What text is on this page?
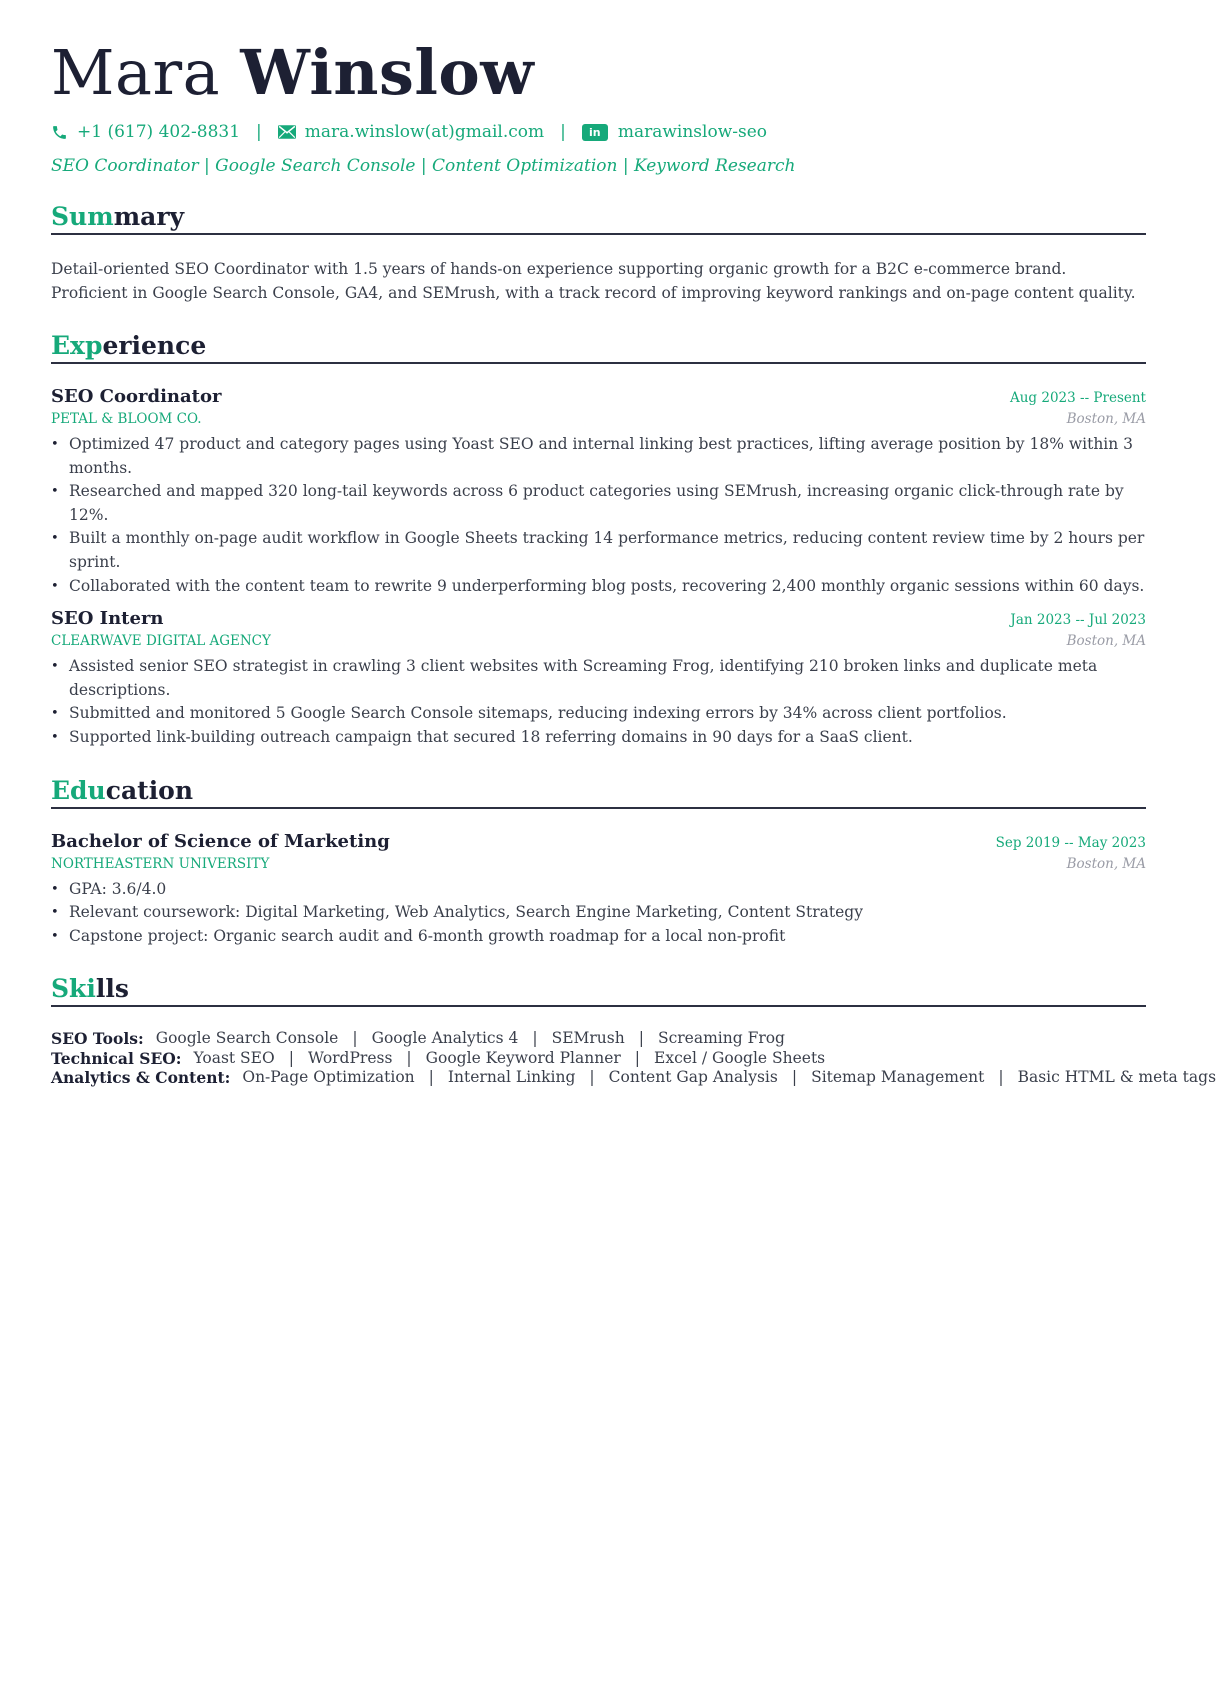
Mara Winslow
+1 (617) 402-8831 |	mara.winslow(at)gmail.com |	in	marawinslow-seo
SEO Coordinator | Google Search Console | Content Optimization | Keyword Research
Summary
Detail-oriented SEO Coordinator with 1.5 years of hands-on experience supporting organic growth for a B2C e-commerce brand. Proficient in Google Search Console, GA4, and SEMrush, with a track record of improving keyword rankings and on-page content quality.
Experience
SEO Coordinator	Aug 2023 -- Present
PETAL & BLOOM CO.	Boston, MA
• Optimized 47 product and category pages using Yoast SEO and internal linking best practices, lifting average position by 18% within 3 months.
• Researched and mapped 320 long-tail keywords across 6 product categories using SEMrush, increasing organic click-through rate by 12%.
• Built a monthly on-page audit workflow in Google Sheets tracking 14 performance metrics, reducing content review time by 2 hours per sprint.
• Collaborated with the content team to rewrite 9 underperforming blog posts, recovering 2,400 monthly organic sessions within 60 days.
SEO Intern	Jan 2023 -- Jul 2023
CLEARWAVE DIGITAL AGENCY	Boston, MA
• Assisted senior SEO strategist in crawling 3 client websites with Screaming Frog, identifying 210 broken links and duplicate meta descriptions.
• Submitted and monitored 5 Google Search Console sitemaps, reducing indexing errors by 34% across client portfolios.
• Supported link-building outreach campaign that secured 18 referring domains in 90 days for a SaaS client.
Education
Bachelor of Science of Marketing	Sep 2019 -- May 2023
NORTHEASTERN UNIVERSITY	Boston, MA
• GPA: 3.6/4.0
• Relevant coursework: Digital Marketing, Web Analytics, Search Engine Marketing, Content Strategy
• Capstone project: Organic search audit and 6-month growth roadmap for a local non-profit
Skills
SEO Tools: Google Search Console | Google Analytics 4 | SEMrush | Screaming Frog
Technical SEO: Yoast SEO | WordPress | Google Keyword Planner | Excel / Google Sheets
Analytics & Content: On-Page Optimization | Internal Linking | Content Gap Analysis | Sitemap Management | Basic HTML & meta tags
